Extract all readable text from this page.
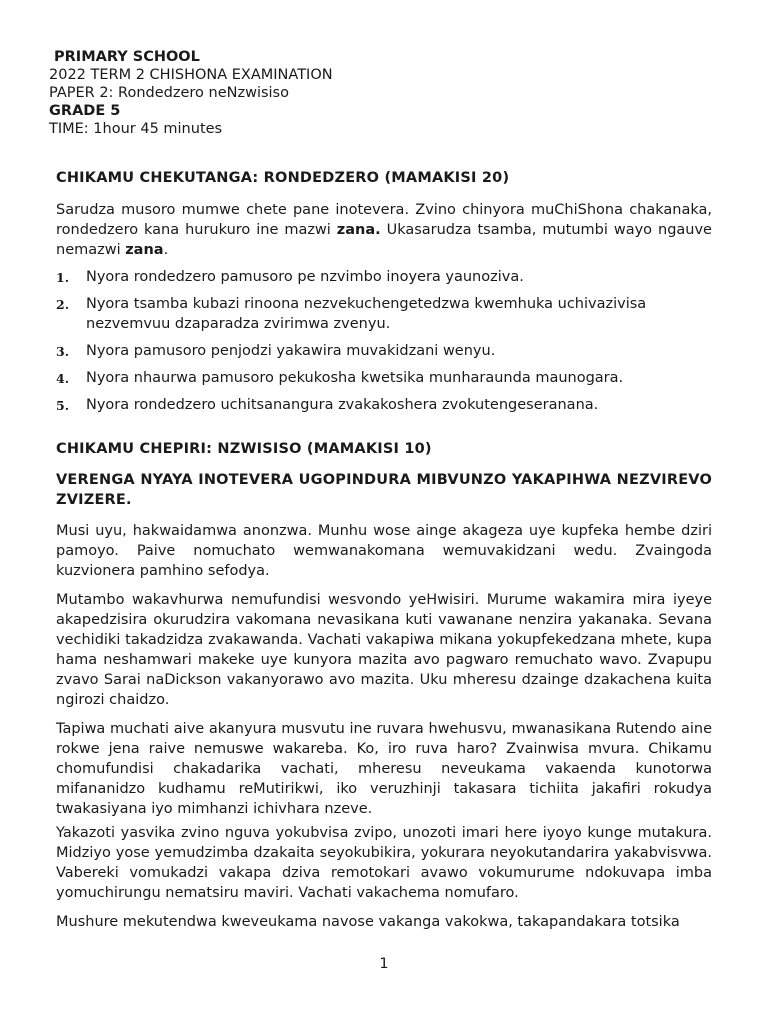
PRIMARY SCHOOL
2022 TERM 2 CHISHONA EXAMINATION
PAPER 2: Rondedzero neNzwisiso
GRADE 5
TIME: 1hour 45 minutes
CHIKAMU CHEKUTANGA: RONDEDZERO (MAMAKISI 20)

Sarudza musoro mumwe chete pane inotevera. Zvino chinyora muChiShona chakanaka, rondedzero kana hurukuro ine mazwi zana. Ukasarudza tsamba, mutumbi wayo ngauve nemazwi zana.

1. Nyora rondedzero pamusoro pe nzvimbo inoyera yaunoziva.
2. Nyora tsamba kubazi rinoona nezvekuchengetedzwa kwemhuka uchivazivisa nezvemvuu dzaparadza zvirimwa zvenyu.
3. Nyora pamusoro penjodzi yakawira muvakidzani wenyu.
4. Nyora nhaurwa pamusoro pekukosha kwetsika munharaunda maunogara.
5. Nyora rondedzero uchitsanangura zvakakoshera zvokutengeseranana.
CHIKAMU CHEPIRI: NZWISISO (MAMAKISI 10)
VERENGA NYAYA INOTEVERA UGOPINDURA MIBVUNZO YAKAPIHWA NEZVIREVO ZVIZERE.

Musi uyu, hakwaidamwa anonzwa. Munhu wose ainge akageza uye kupfeka hembe dziri pamoyo. Paive nomuchato wemwanakomana wemuvakidzani wedu. Zvaingoda kuzvionera pamhino sefodya.

Mutambo wakavhurwa nemufundisi wesvondo yeHwisiri. Murume wakamira mira iyeye akapedzisira okurudzira vakomana nevasikana kuti vawanane nenzira yakanaka. Sevana vechidiki takadzidza zvakawanda. Vachati vakapiwa mikana yokupfekedzana mhete, kupa hama neshamwari makeke uye kunyora mazita avo pagwaro remuchato wavo. Zvapupu zvavo Sarai naDickson vakanyorawo avo mazita. Uku mheresu dzainge dzakachena kuita ngirozi chaidzo.

Tapiwa muchati aive akanyura musvutu ine ruvara hwehusvu, mwanasikana Rutendo aine rokwe jena raive nemuswe wakareba. Ko, iro ruva haro? Zvainwisa mvura. Chikamu chomufundisi chakadarika vachati, mheresu neveukama vakaenda kunotorwa mifananidzo kudhamu reMutirikwi, iko veruzhinji takasara tichiita jakafiri rokudya twakasiyana iyo mimhanzi ichivhara nzeve.

Yakazoti yasvika zvino nguva yokubvisa zvipo, unozoti imari here iyoyo kunge mutakura. Midziyo yose yemudzimba dzakaita seyokubikira, yokurara neyokutandarira yakabvisvwa. Vabereki vomukadzi vakapa dziva remotokari avawo vokumurume ndokuvapa imba yomuchirungu nematsiru maviri. Vachati vakachema nomufaro.

Mushure mekutendwa kweveukama navose vakanga vakokwa, takapandakara totsika

1
